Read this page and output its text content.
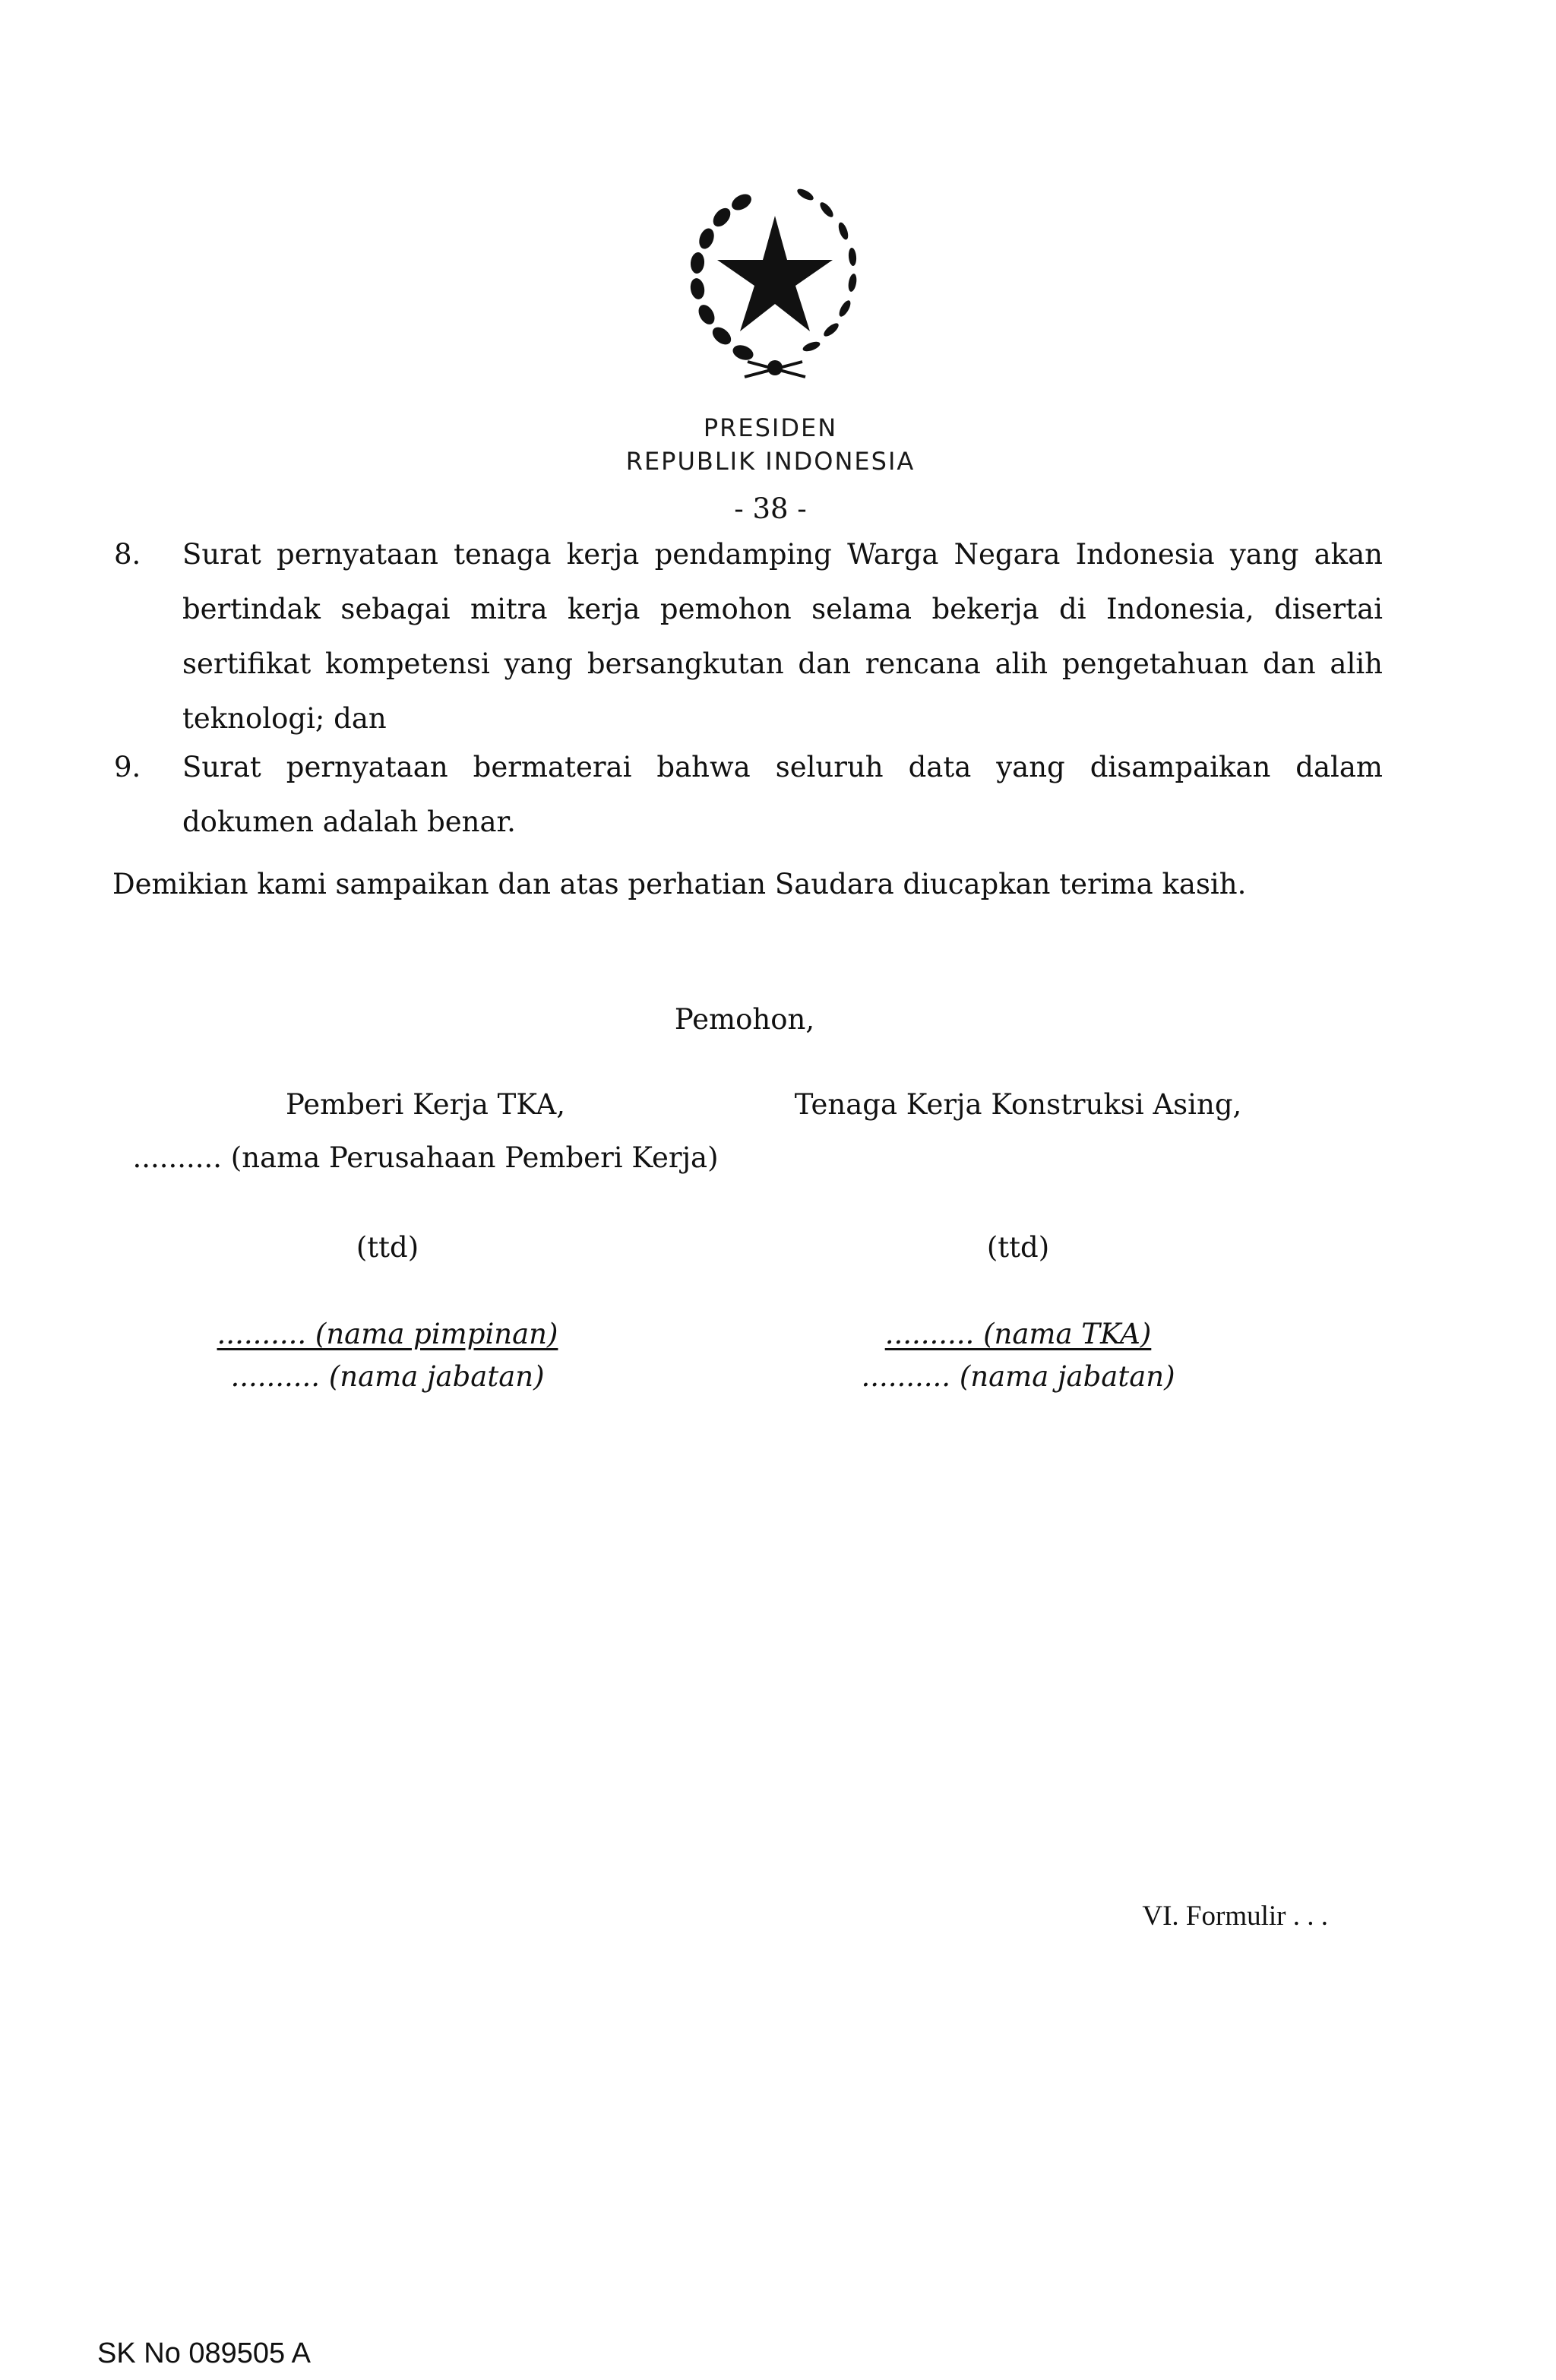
PRESIDEN
REPUBLIK INDONESIA
- 38 -
8.	Surat pernyataan tenaga kerja pendamping Warga Negara Indonesia yang akan
bertindak sebagai mitra kerja pemohon selama bekerja di Indonesia, disertai
sertifikat kompetensi yang bersangkutan dan rencana alih pengetahuan dan alih
teknologi; dan
9.	Surat pernyataan bermaterai bahwa seluruh data yang disampaikan dalam
dokumen adalah benar.
Demikian kami sampaikan dan atas perhatian Saudara diucapkan terima kasih.
Pemohon,
Pemberi Kerja TKA,
.......... (nama Perusahaan Pemberi Kerja)
(ttd)
.......... (nama pimpinan)
.......... (nama jabatan)
Tenaga Kerja Konstruksi Asing,
(ttd)
.......... (nama TKA)
.......... (nama jabatan)
VI. Formulir . . .
SK No 089505 A
